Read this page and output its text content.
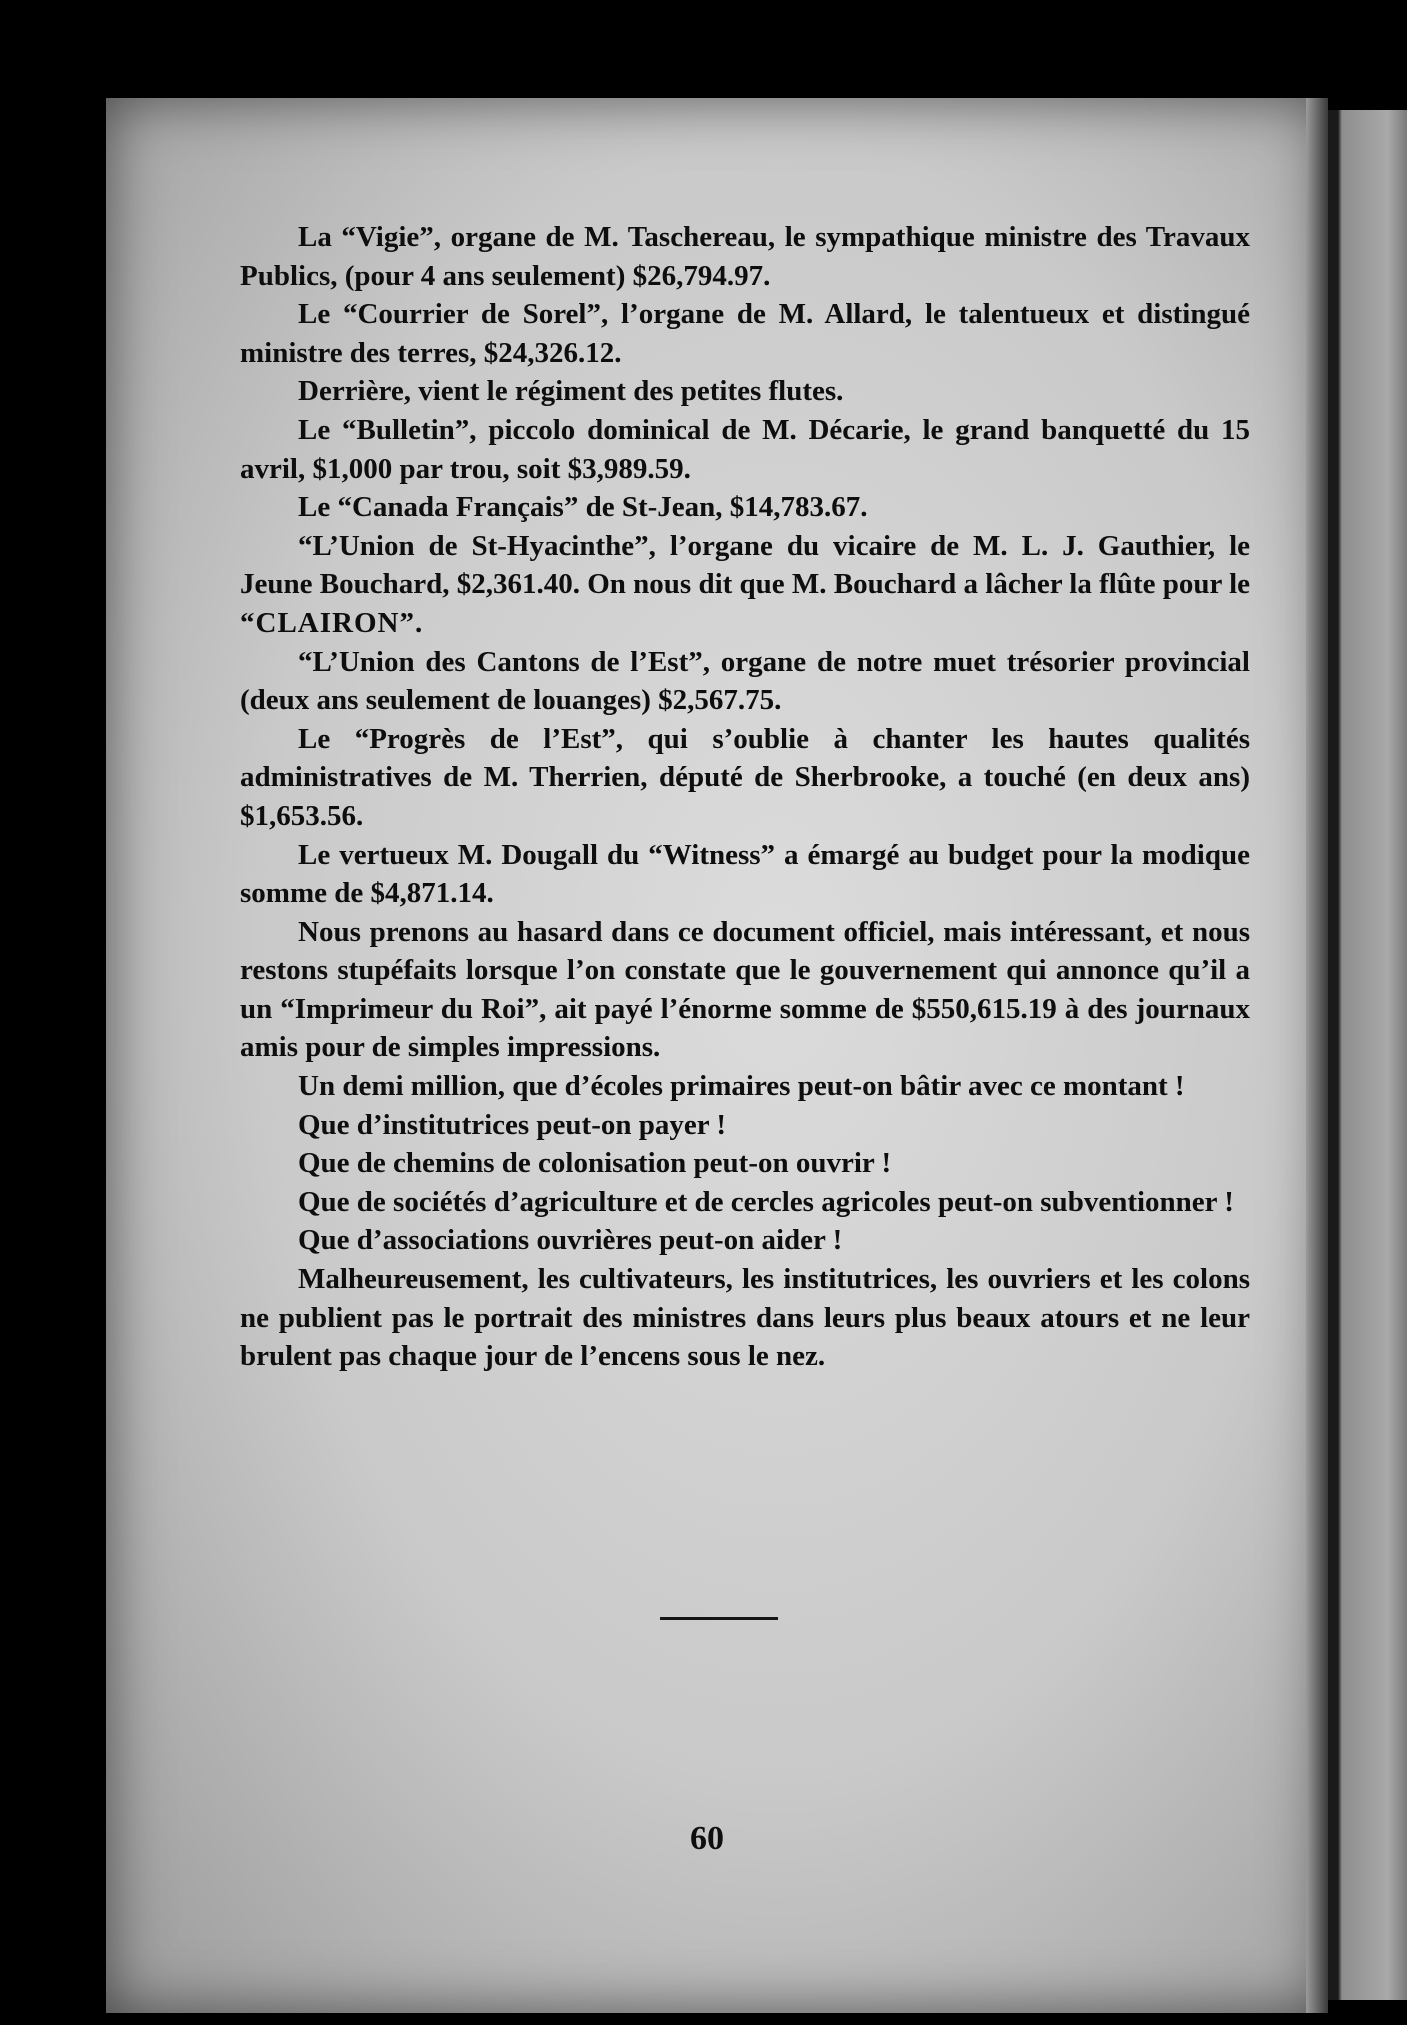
La “Vigie”, organe de M. Taschereau, le sympathique ministre des Travaux Publics, (pour 4 ans seulement) $26,794.97.

Le “Courrier de Sorel”, l’organe de M. Allard, le talentueux et distingué ministre des terres, $24,326.12.

Derrière, vient le régiment des petites flutes.

Le “Bulletin”, piccolo dominical de M. Décarie, le grand banquetté du 15 avril, $1,000 par trou, soit $3,989.59.

Le “Canada Français” de St-Jean, $14,783.67.

“L’Union de St-Hyacinthe”, l’organe du vicaire de M. L. J. Gauthier, le Jeune Bouchard, $2,361.40. On nous dit que M. Bouchard a lâcher la flûte pour le “CLAIRON”.

“L’Union des Cantons de l’Est”, organe de notre muet trésorier provincial (deux ans seulement de louanges) $2,567.75.

Le “Progrès de l’Est”, qui s’oublie à chanter les hautes qualités administratives de M. Therrien, député de Sherbrooke, a touché (en deux ans) $1,653.56.

Le vertueux M. Dougall du “Witness” a émargé au budget pour la modique somme de $4,871.14.

Nous prenons au hasard dans ce document officiel, mais intéressant, et nous restons stupéfaits lorsque l’on constate que le gouvernement qui annonce qu’il a un “Imprimeur du Roi”, ait payé l’énorme somme de $550,615.19 à des journaux amis pour de simples impressions.

Un demi million, que d’écoles primaires peut-on bâtir avec ce montant !

Que d’institutrices peut-on payer !

Que de chemins de colonisation peut-on ouvrir !

Que de sociétés d’agriculture et de cercles agricoles peut-on subventionner !

Que d’associations ouvrières peut-on aider !

Malheureusement, les cultivateurs, les institutrices, les ouvriers et les colons ne publient pas le portrait des ministres dans leurs plus beaux atours et ne leur brulent pas chaque jour de l’encens sous le nez.

60
